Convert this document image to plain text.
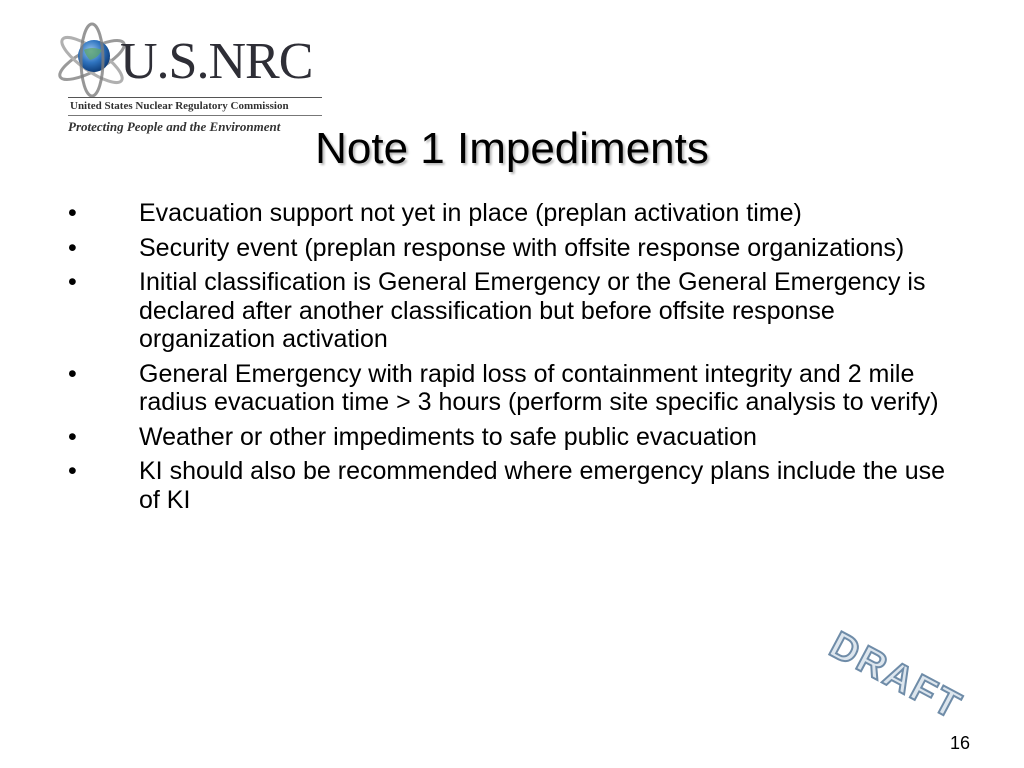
U.S.NRC
United States Nuclear Regulatory Commission
Protecting People and the Environment Note 1 Impediments
• Evacuation support not yet in place (preplan activation time)
• Security event (preplan response with offsite response organizations)
• Initial classification is General Emergency or the General Emergency is declared after another classification but before offsite response organization activation
• General Emergency with rapid loss of containment integrity and 2 mile radius evacuation time > 3 hours (perform site specific analysis to verify)
• Weather or other impediments to safe public evacuation
• KI should also be recommended where emergency plans include the use of KI
DRAFT
16
